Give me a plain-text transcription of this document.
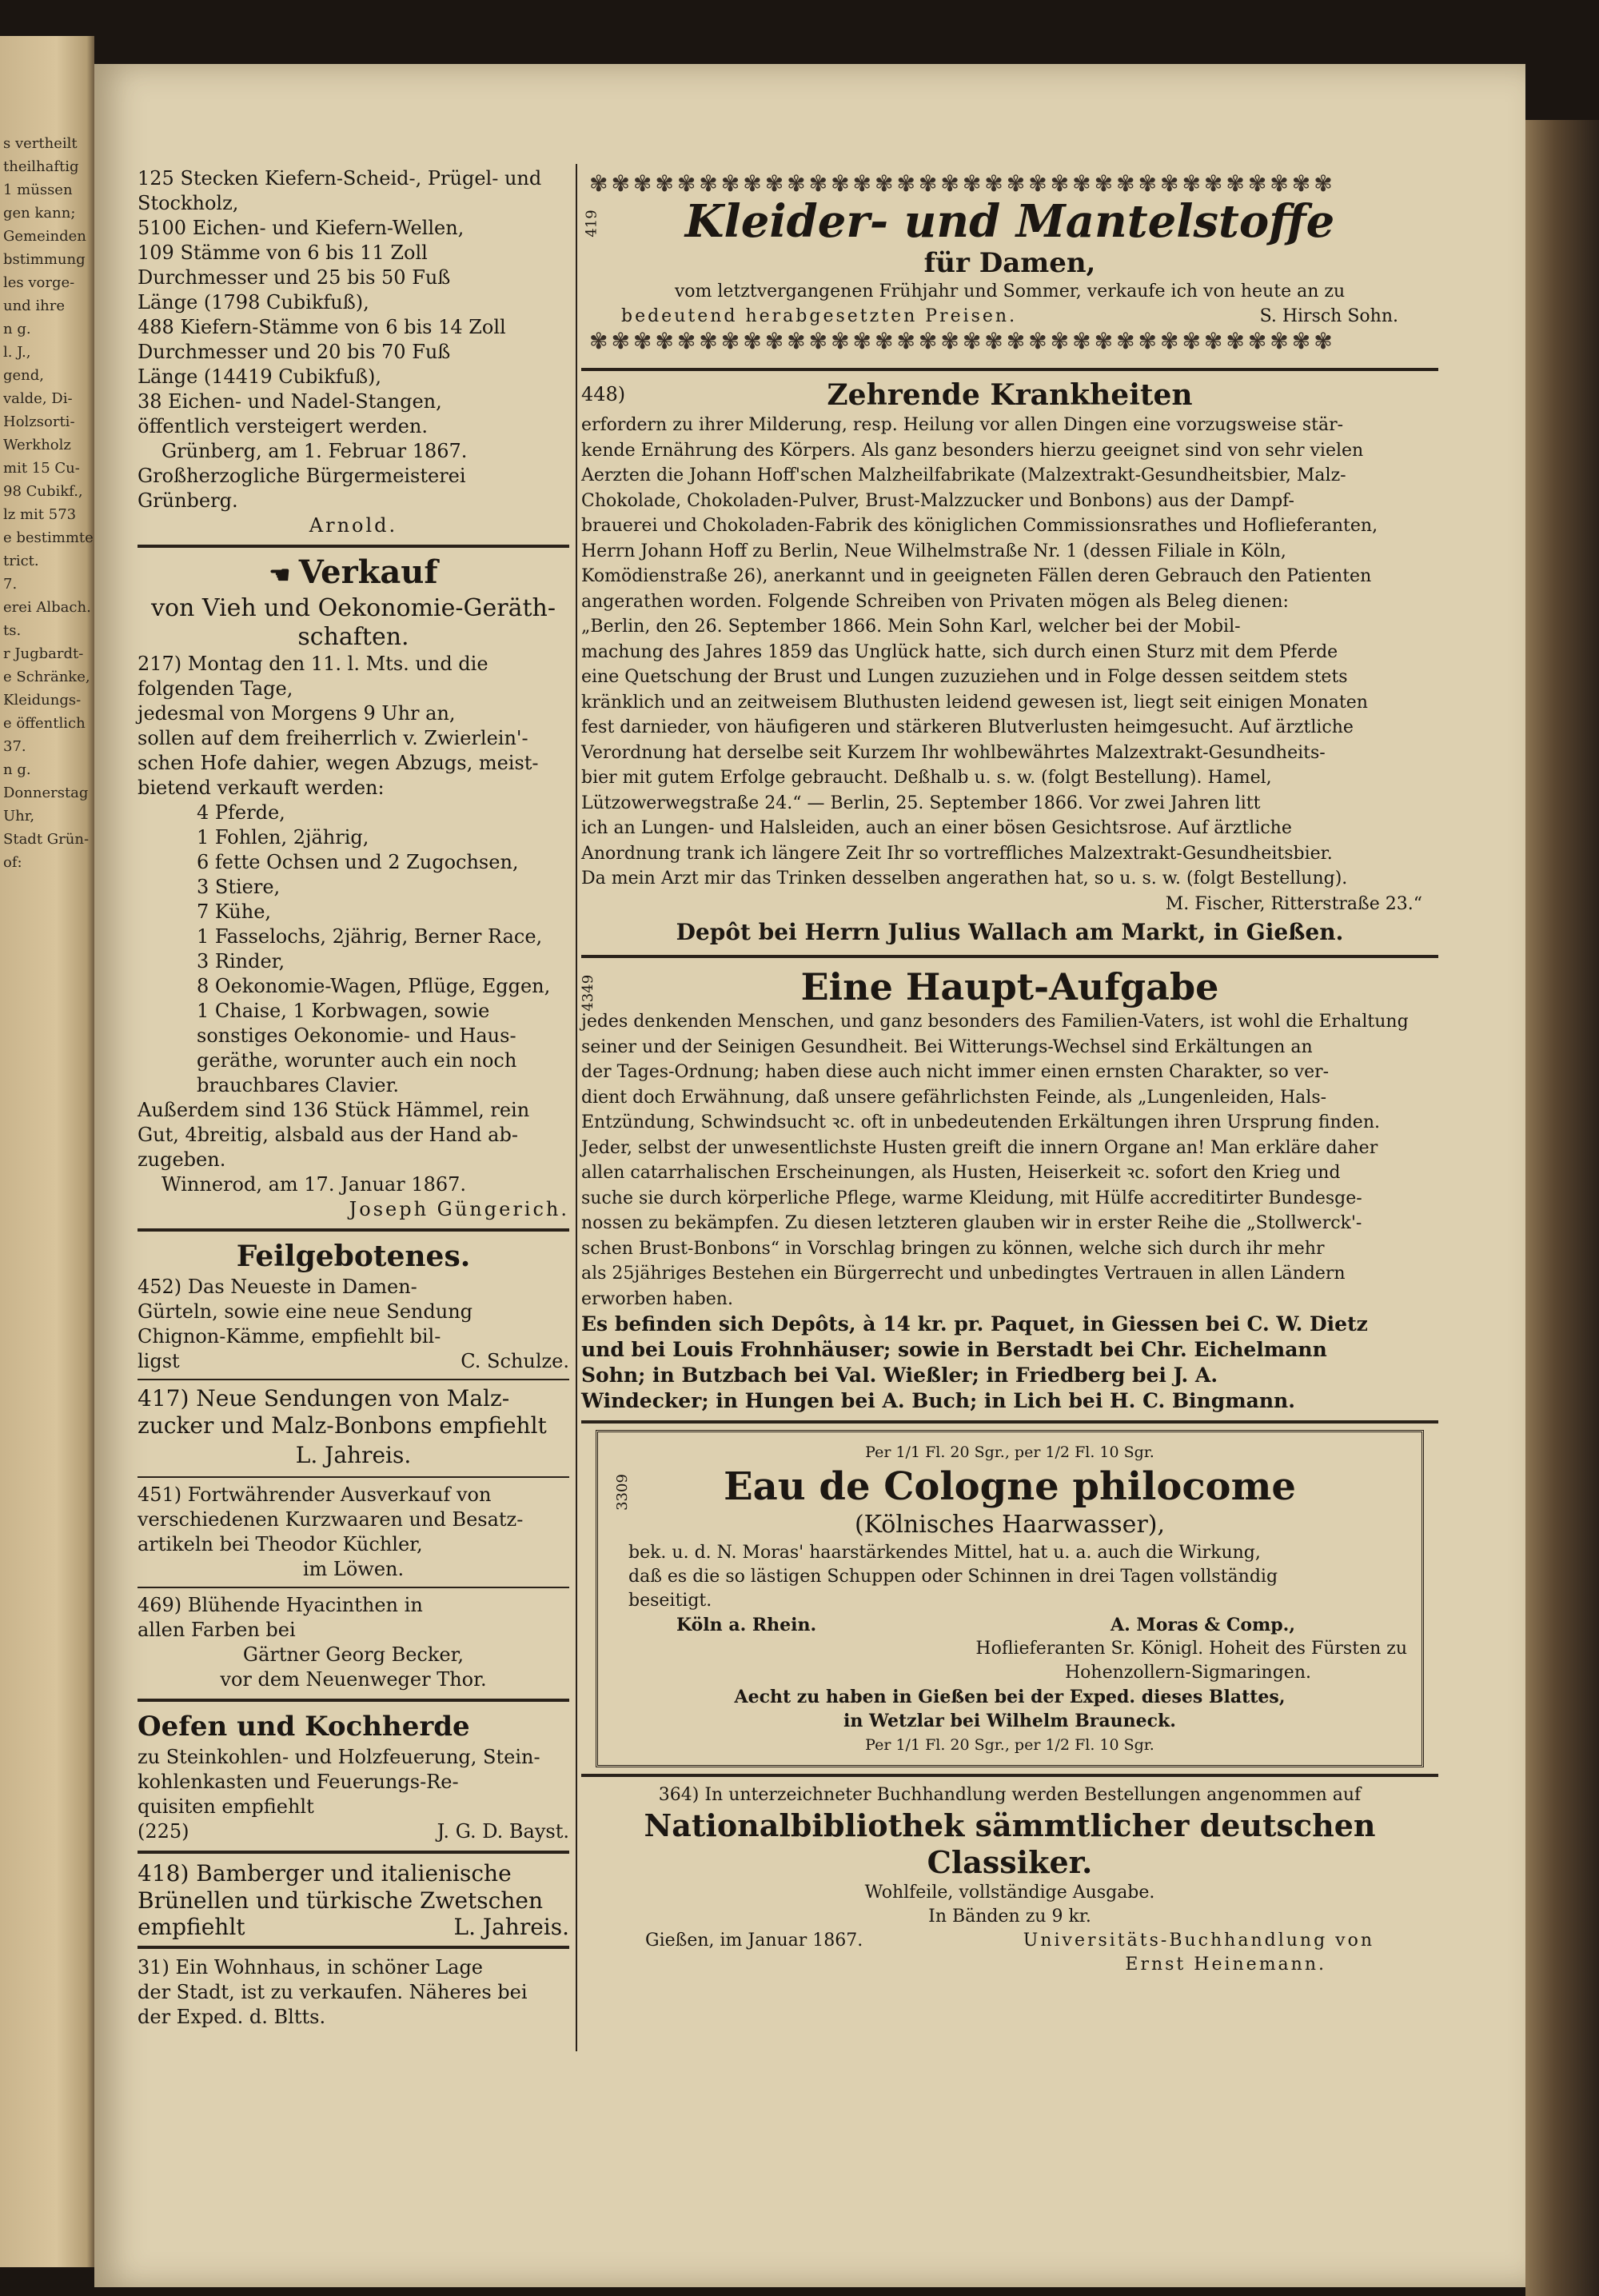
s vertheilt
theilhaftig
1 müssen
gen kann;
Gemeinden
bstimmung
les vorge-
und ihre
n g.
l. J.,
gend,
valde, Di-
Holzsorti-
Werkholz
mit 15 Cu-
98 Cubikf.,
lz mit 573
e bestimmte
trict.
7.
erei Albach.
ts.
r Jugbardt-
e Schränke,
Kleidungs-
e öffentlich
37.
n g.
Donnerstag
Uhr,
Stadt Grün-
of:
125 Stecken Kiefern-Scheid-, Prügel- und
Stockholz,
5100 Eichen- und Kiefern-Wellen,
109 Stämme von 6 bis 11 Zoll
Durchmesser und 25 bis 50 Fuß
Länge (1798 Cubikfuß),
488 Kiefern-Stämme von 6 bis 14 Zoll
Durchmesser und 20 bis 70 Fuß
Länge (14419 Cubikfuß),
38 Eichen- und Nadel-Stangen,
öffentlich versteigert werden.
Grünberg, am 1. Februar 1867.
Großherzogliche Bürgermeisterei Grünberg.
Arnold.
☚ Verkauf
von Vieh und Oekonomie-Geräth-
schaften.
217) Montag den 11. l. Mts. und die
folgenden Tage,
jedesmal von Morgens 9 Uhr an,
sollen auf dem freiherrlich v. Zwierlein'-
schen Hofe dahier, wegen Abzugs, meist-
bietend verkauft werden:
4 Pferde,
1 Fohlen, 2jährig,
6 fette Ochsen und 2 Zugochsen,
3 Stiere,
7 Kühe,
1 Fasselochs, 2jährig, Berner Race,
3 Rinder,
8 Oekonomie-Wagen, Pflüge, Eggen,
1 Chaise, 1 Korbwagen, sowie
sonstiges Oekonomie- und Haus-
geräthe, worunter auch ein noch
brauchbares Clavier.
Außerdem sind 136 Stück Hämmel, rein
Gut, 4breitig, alsbald aus der Hand ab-
zugeben.
Winnerod, am 17. Januar 1867.
Joseph Güngerich.
Feilgebotenes.
452) Das Neueste in Damen-
Gürteln, sowie eine neue Sendung
Chignon-Kämme, empfiehlt bil-
ligst	C. Schulze.
417) Neue Sendungen von Malz-
zucker und Malz-Bonbons empfiehlt
L. Jahreis.
451) Fortwährender Ausverkauf von
verschiedenen Kurzwaaren und Besatz-
artikeln bei Theodor Küchler,
im Löwen.
469) Blühende Hyacinthen in
allen Farben bei
Gärtner Georg Becker,
vor dem Neuenweger Thor.
Oefen und Kochherde
zu Steinkohlen- und Holzfeuerung, Stein-
kohlenkasten und Feuerungs-Re-
quisiten empfiehlt
(225)	J. G. D. Bayst.
418) Bamberger und italienische
Brünellen und türkische Zwetschen
empfiehlt	L. Jahreis.
31) Ein Wohnhaus, in schöner Lage
der Stadt, ist zu verkaufen. Näheres bei
der Exped. d. Bltts.
✾✾✾✾✾✾✾✾✾✾✾✾✾✾✾✾✾✾✾✾✾✾✾✾✾✾✾✾✾✾✾✾✾✾
419	Kleider- und Mantelstoffe
für Damen,
vom letztvergangenen Frühjahr und Sommer, verkaufe ich von heute an zu
bedeutend herabgesetzten Preisen.	S. Hirsch Sohn.
✾✾✾✾✾✾✾✾✾✾✾✾✾✾✾✾✾✾✾✾✾✾✾✾✾✾✾✾✾✾✾✾✾✾
448)	Zehrende Krankheiten
erfordern zu ihrer Milderung, resp. Heilung vor allen Dingen eine vorzugsweise stär-
kende Ernährung des Körpers. Als ganz besonders hierzu geeignet sind von sehr vielen
Aerzten die Johann Hoff'schen Malzheilfabrikate (Malzextrakt-Gesundheitsbier, Malz-
Chokolade, Chokoladen-Pulver, Brust-Malzzucker und Bonbons) aus der Dampf-
brauerei und Chokoladen-Fabrik des königlichen Commissionsrathes und Hoflieferanten,
Herrn Johann Hoff zu Berlin, Neue Wilhelmstraße Nr. 1 (dessen Filiale in Köln,
Komödienstraße 26), anerkannt und in geeigneten Fällen deren Gebrauch den Patienten
angerathen worden. Folgende Schreiben von Privaten mögen als Beleg dienen:
„Berlin, den 26. September 1866. Mein Sohn Karl, welcher bei der Mobil-
machung des Jahres 1859 das Unglück hatte, sich durch einen Sturz mit dem Pferde
eine Quetschung der Brust und Lungen zuzuziehen und in Folge dessen seitdem stets
kränklich und an zeitweisem Bluthusten leidend gewesen ist, liegt seit einigen Monaten
fest darnieder, von häufigeren und stärkeren Blutverlusten heimgesucht. Auf ärztliche
Verordnung hat derselbe seit Kurzem Ihr wohlbewährtes Malzextrakt-Gesundheits-
bier mit gutem Erfolge gebraucht. Deßhalb u. s. w. (folgt Bestellung). Hamel,
Lützowerwegstraße 24.“ — Berlin, 25. September 1866. Vor zwei Jahren litt
ich an Lungen- und Halsleiden, auch an einer bösen Gesichtsrose. Auf ärztliche
Anordnung trank ich längere Zeit Ihr so vortreffliches Malzextrakt-Gesundheitsbier.
Da mein Arzt mir das Trinken desselben angerathen hat, so u. s. w. (folgt Bestellung).
M. Fischer, Ritterstraße 23.“
Depôt bei Herrn Julius Wallach am Markt, in Gießen.
4349	Eine Haupt-Aufgabe
jedes denkenden Menschen, und ganz besonders des Familien-Vaters, ist wohl die Erhaltung
seiner und der Seinigen Gesundheit. Bei Witterungs-Wechsel sind Erkältungen an
der Tages-Ordnung; haben diese auch nicht immer einen ernsten Charakter, so ver-
dient doch Erwähnung, daß unsere gefährlichsten Feinde, als „Lungenleiden, Hals-
Entzündung, Schwindsucht ꝛc. oft in unbedeutenden Erkältungen ihren Ursprung finden.
Jeder, selbst der unwesentlichste Husten greift die innern Organe an! Man erkläre daher
allen catarrhalischen Erscheinungen, als Husten, Heiserkeit ꝛc. sofort den Krieg und
suche sie durch körperliche Pflege, warme Kleidung, mit Hülfe accreditirter Bundesge-
nossen zu bekämpfen. Zu diesen letzteren glauben wir in erster Reihe die „Stollwerck'-
schen Brust-Bonbons“ in Vorschlag bringen zu können, welche sich durch ihr mehr
als 25jähriges Bestehen ein Bürgerrecht und unbedingtes Vertrauen in allen Ländern
erworben haben.
Es befinden sich Depôts, à 14 kr. pr. Paquet, in Giessen bei C. W. Dietz
und bei Louis Frohnhäuser; sowie in Berstadt bei Chr. Eichelmann
Sohn; in Butzbach bei Val. Wießler; in Friedberg bei J. A.
Windecker; in Hungen bei A. Buch; in Lich bei H. C. Bingmann.
3309
Per 1/1 Fl. 20 Sgr., per 1/2 Fl. 10 Sgr.
Eau de Cologne philocome
(Kölnisches Haarwasser),
bek. u. d. N. Moras' haarstärkendes Mittel, hat u. a. auch die Wirkung,
daß es die so lästigen Schuppen oder Schinnen in drei Tagen vollständig
beseitigt.
Köln a. Rhein.	A. Moras & Comp.,
Hoflieferanten Sr. Königl. Hoheit des Fürsten zu
Hohenzollern-Sigmaringen.
Aecht zu haben in Gießen bei der Exped. dieses Blattes,
in Wetzlar bei Wilhelm Brauneck.
Per 1/1 Fl. 20 Sgr., per 1/2 Fl. 10 Sgr.
364) In unterzeichneter Buchhandlung werden Bestellungen angenommen auf
Nationalbibliothek sämmtlicher deutschen Classiker.
Wohlfeile, vollständige Ausgabe.
In Bänden zu 9 kr.
Gießen, im Januar 1867.	Universitäts-Buchhandlung von
Ernst Heinemann.
